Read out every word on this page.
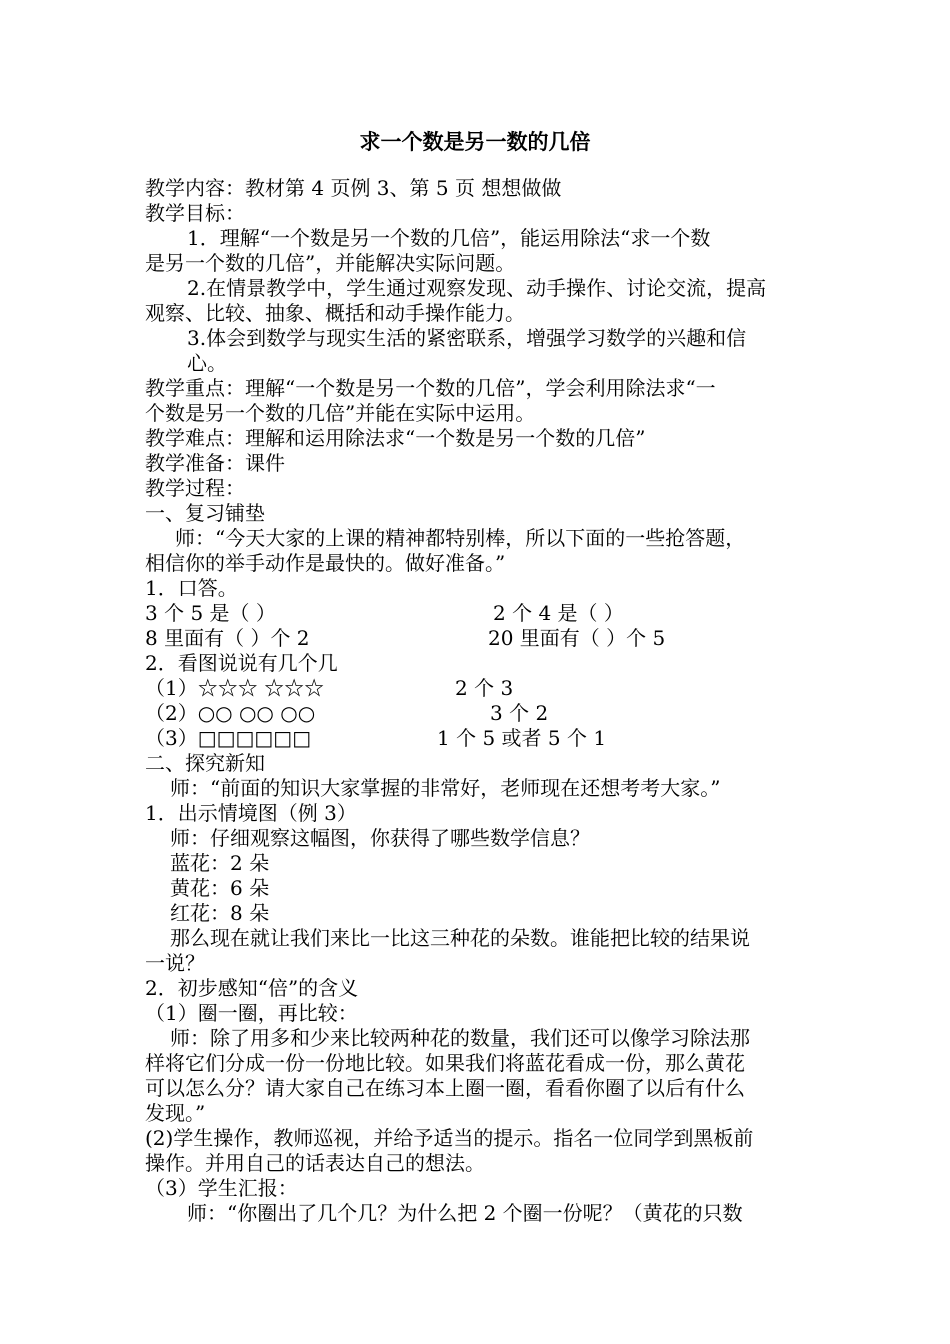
求一个数是另一数的几倍
教学内容：教材第 4 页例 3、第 5 页 想想做做
教学目标：
1．理解“一个数是另一个数的几倍”，能运用除法“求一个数
是另一个数的几倍”，并能解决实际问题。
2.在情景教学中，学生通过观察发现、动手操作、讨论交流，提高
观察、比较、抽象、概括和动手操作能力。
3.体会到数学与现实生活的紧密联系，增强学习数学的兴趣和信
心。
教学重点：理解“一个数是另一个数的几倍”，学会利用除法求“一
个数是另一个数的几倍”并能在实际中运用。
教学难点：理解和运用除法求“一个数是另一个数的几倍”
教学准备：课件
教学过程：
一、复习铺垫
师：“今天大家的上课的精神都特别棒，所以下面的一些抢答题，
相信你的举手动作是最快的。做好准备。”
1．口答。
3 个 5 是（ ）	2 个 4 是（ ）
8 里面有（ ）个 2	20 里面有（ ）个 5
2．看图说说有几个几
（1）☆☆☆ ☆☆☆	2 个 3
（2）○○ ○○ ○○	3 个 2
（3）□□□□□□	1 个 5 或者 5 个 1
二、探究新知
师：“前面的知识大家掌握的非常好，老师现在还想考考大家。”
1．出示情境图（例 3）
师：仔细观察这幅图，你获得了哪些数学信息？
蓝花：2 朵
黄花：6 朵
红花：8 朵
那么现在就让我们来比一比这三种花的朵数。谁能把比较的结果说
一说？
2．初步感知“倍”的含义
（1）圈一圈，再比较：
师：除了用多和少来比较两种花的数量，我们还可以像学习除法那
样将它们分成一份一份地比较。如果我们将蓝花看成一份，那么黄花
可以怎么分？请大家自己在练习本上圈一圈，看看你圈了以后有什么
发现。”
(2)学生操作，教师巡视，并给予适当的提示。指名一位同学到黑板前
操作。并用自己的话表达自己的想法。
（3）学生汇报：
师：“你圈出了几个几？为什么把 2 个圈一份呢？（黄花的只数
